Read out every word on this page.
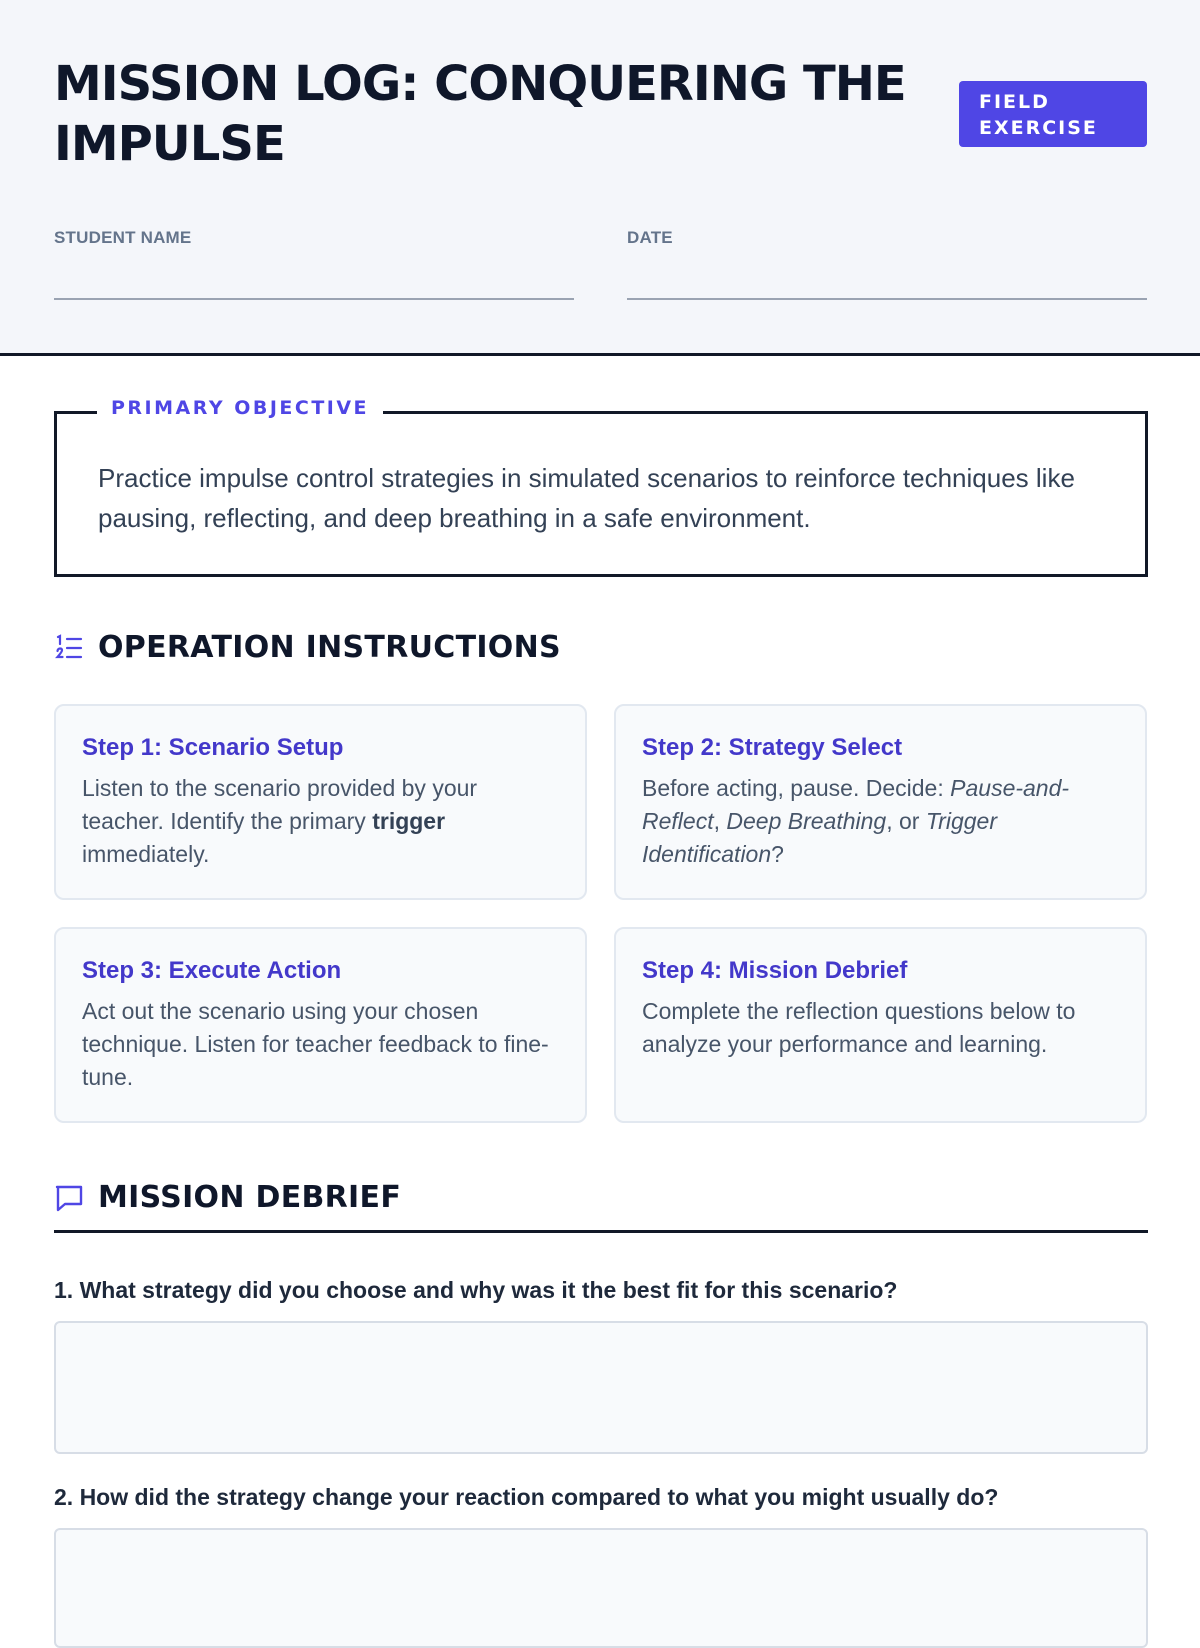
MISSION LOG: CONQUERING THE IMPULSE
FIELD EXERCISE
STUDENT NAME	DATE
PRIMARY OBJECTIVE

Practice impulse control strategies in simulated scenarios to reinforce techniques like pausing, reflecting, and deep breathing in a safe environment.

OPERATION INSTRUCTIONS
Step 1: Scenario Setup
Listen to the scenario provided by your teacher. Identify the primary trigger immediately.
Step 2: Strategy Select
Before acting, pause. Decide: Pause-and-Reflect, Deep Breathing, or Trigger Identification?
Step 3: Execute Action
Act out the scenario using your chosen technique. Listen for teacher feedback to fine-tune.
Step 4: Mission Debrief
Complete the reflection questions below to analyze your performance and learning.
MISSION DEBRIEF
1. What strategy did you choose and why was it the best fit for this scenario?
2. How did the strategy change your reaction compared to what you might usually do?
